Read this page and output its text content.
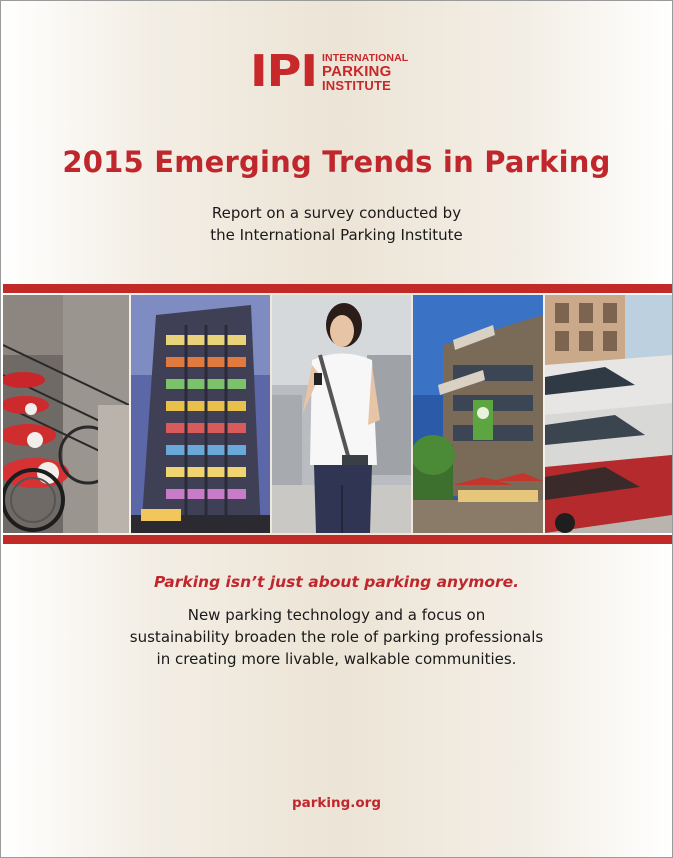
IPI INTERNATIONAL
PARKING
INSTITUTE
2015 Emerging Trends in Parking
Report on a survey conducted by
the International Parking Institute
Parking isn’t just about parking anymore.
New parking technology and a focus on
sustainability broaden the role of parking professionals
in creating more livable, walkable communities.
parking.org
